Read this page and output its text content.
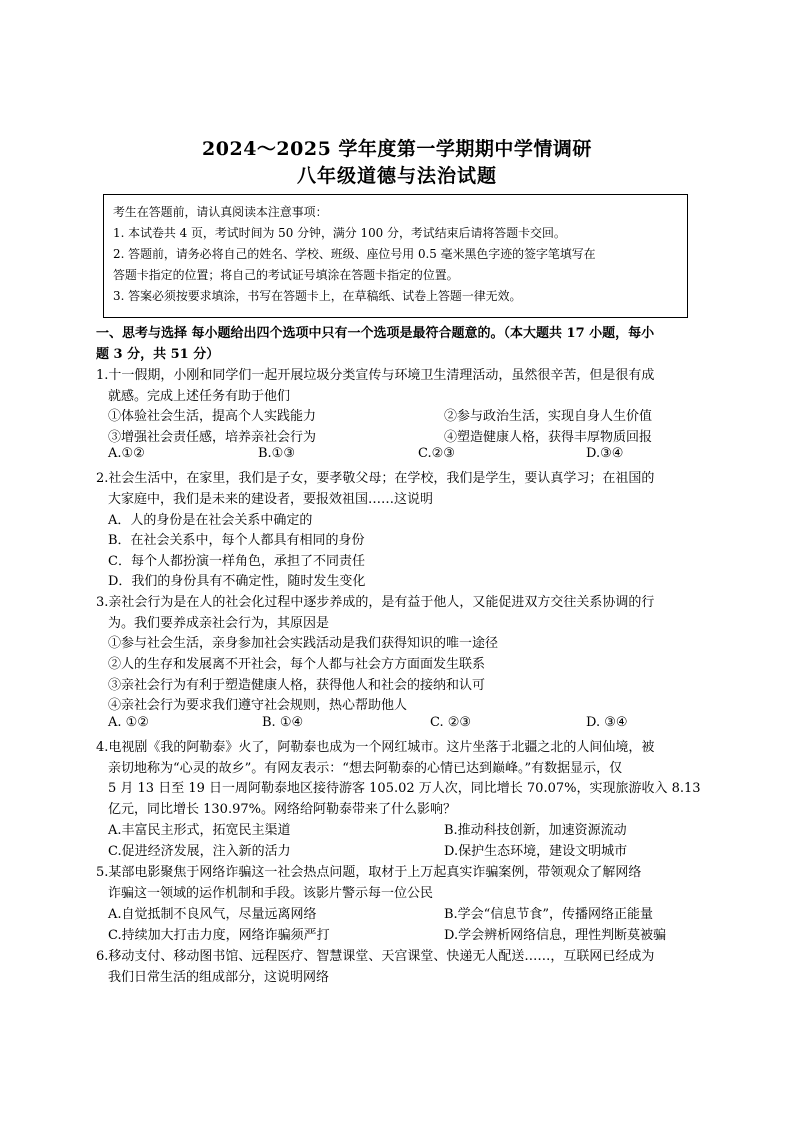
2024～2025 学年度第一学期期中学情调研
八年级道德与法治试题
考生在答题前，请认真阅读本注意事项：
1. 本试卷共 4 页，考试时间为 50 分钟，满分 100 分，考试结束后请将答题卡交回。
2. 答题前，请务必将自己的姓名、学校、班级、座位号用 0.5 毫米黑色字迹的签字笔填写在
答题卡指定的位置；将自己的考试证号填涂在答题卡指定的位置。
3. 答案必须按要求填涂，书写在答题卡上，在草稿纸、试卷上答题一律无效。
一、思考与选择 每小题给出四个选项中只有一个选项是最符合题意的。（本大题共 17 小题，每小
题 3 分，共 51 分）
1.十一假期，小刚和同学们一起开展垃圾分类宣传与环境卫生清理活动，虽然很辛苦，但是很有成
就感。完成上述任务有助于他们
①体验社会生活，提高个人实践能力	②参与政治生活，实现自身人生价值
③增强社会责任感，培养亲社会行为	④塑造健康人格，获得丰厚物质回报
A.①②	B.①③	C.②③	D.③④
2.社会生活中，在家里，我们是子女，要孝敬父母；在学校，我们是学生，要认真学习；在祖国的
大家庭中，我们是未来的建设者，要报效祖国……这说明
A．人的身份是在社会关系中确定的
B．在社会关系中，每个人都具有相同的身份
C．每个人都扮演一样角色，承担了不同责任
D．我们的身份具有不确定性，随时发生变化
3.亲社会行为是在人的社会化过程中逐步养成的，是有益于他人，又能促进双方交往关系协调的行
为。我们要养成亲社会行为，其原因是
①参与社会生活，亲身参加社会实践活动是我们获得知识的唯一途径
②人的生存和发展离不开社会，每个人都与社会方方面面发生联系
③亲社会行为有利于塑造健康人格，获得他人和社会的接纳和认可
④亲社会行为要求我们遵守社会规则，热心帮助他人
A. ①②	B. ①④	C. ②③	D. ③④
4.电视剧《我的阿勒泰》火了，阿勒泰也成为一个网红城市。这片坐落于北疆之北的人间仙境，被
亲切地称为“心灵的故乡”。有网友表示：“想去阿勒泰的心情已达到巅峰。”有数据显示，仅
5 月 13 日至 19 日一周阿勒泰地区接待游客 105.02 万人次，同比增长 70.07%，实现旅游收入 8.13
亿元，同比增长 130.97%。网络给阿勒泰带来了什么影响？
A.丰富民主形式，拓宽民主渠道	B.推动科技创新，加速资源流动
C.促进经济发展，注入新的活力	D.保护生态环境，建设文明城市
5.某部电影聚焦于网络诈骗这一社会热点问题，取材于上万起真实诈骗案例，带领观众了解网络
诈骗这一领域的运作机制和手段。该影片警示每一位公民
A.自觉抵制不良风气，尽量远离网络	B.学会“信息节食”，传播网络正能量
C.持续加大打击力度，网络诈骗须严打	D.学会辨析网络信息，理性判断莫被骗
6.移动支付、移动图书馆、远程医疗、智慧课堂、天宫课堂、快递无人配送……，互联网已经成为
我们日常生活的组成部分，这说明网络
